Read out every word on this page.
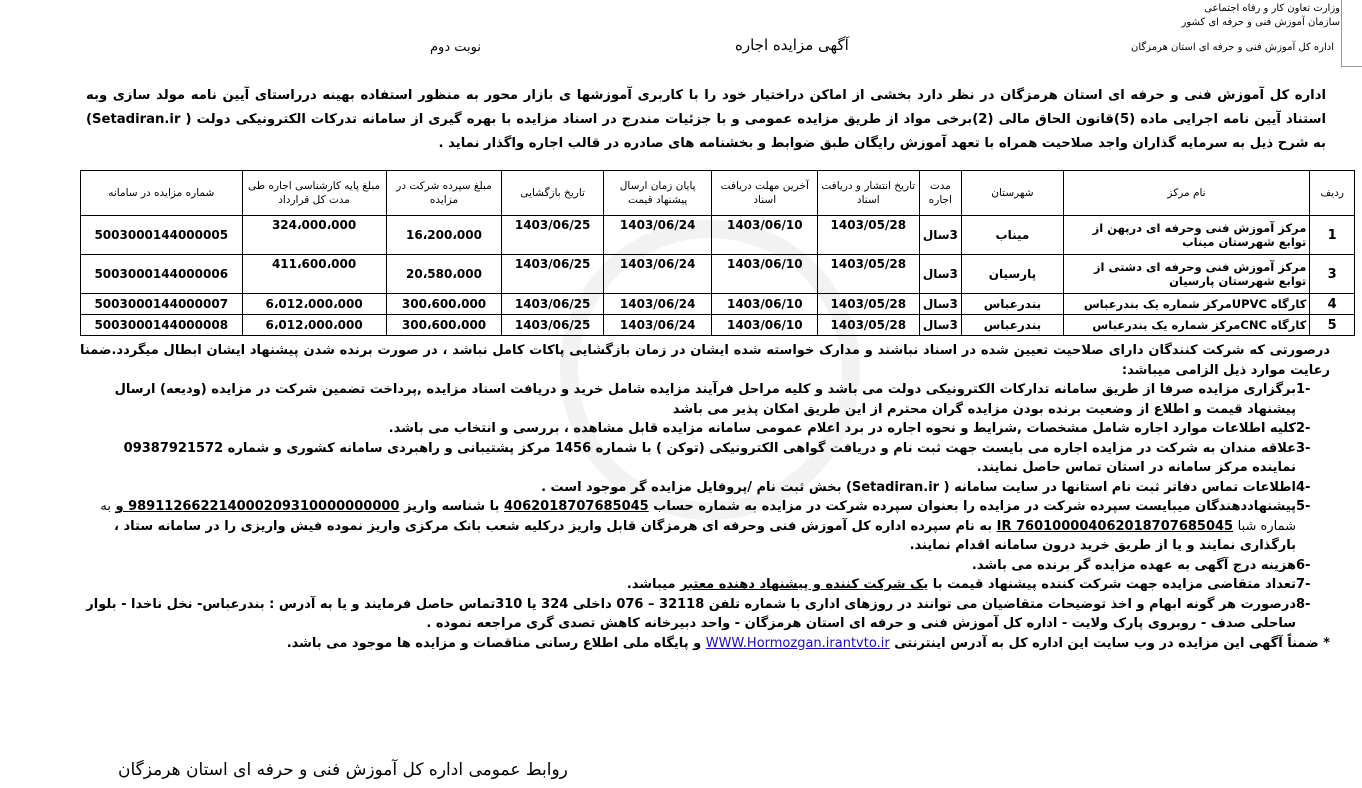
وزارت تعاون کار و رفاه اجتماعی
سازمان آموزش فنی و حرفه ای کشور
اداره کل آموزش فنی و حرفه ای استان هرمزگان
آگهی مزایده اجاره
نوبت دوم
اداره کل آموزش فنی و حرفه ای استان هرمزگان در نظر دارد بخشی از اماکن دراختیار خود را با کاربری آموزشها ی بازار محور به منظور استفاده بهینه درراستای آیین نامه مولد سازی وبه استناد آیین نامه اجرایی ماده (5)قانون الحاق مالی (2)برخی مواد از طریق مزایده عمومی و با جزئیات مندرج در اسناد مزایده با بهره گیری از سامانه تدرکات الکترونیکی دولت ( Setadiran.ir) به شرح ذیل به سرمایه گذاران واجد صلاحیت همراه با تعهد آموزش رایگان طبق ضوابط و بخشنامه های صادره در قالب اجاره واگذار نماید .
ردیف	نام مرکز	شهرستان	مدت اجاره	تاریخ انتشار و دریافت اسناد	آخرین مهلت دریافت اسناد	پایان زمان ارسال پیشنهاد قیمت	تاریخ بازگشایی	مبلغ سپرده شرکت در مزایده	مبلغ پایه کارشناسی اجاره طی مدت کل قرارداد	شماره مزایده در سامانه
1	مرکز آموزش فنی وحرفه ای درپهن از توابع شهرستان میناب	میناب	3سال	1403/05/28	1403/06/10	1403/06/24	1403/06/25	16،200،000	324،000،000	5003000144000005
3	مرکز آموزش فنی وحرفه ای دشتی از توابع شهرستان پارسیان	پارسیان	3سال	1403/05/28	1403/06/10	1403/06/24	1403/06/25	20،580،000	411،600،000	5003000144000006
4	کارگاه UPVCمرکز شماره یک بندرعباس	بندرعباس	3سال	1403/05/28	1403/06/10	1403/06/24	1403/06/25	300،600،000	6،012،000،000	5003000144000007
5	کارگاه CNCمرکز شماره یک بندرعباس	بندرعباس	3سال	1403/05/28	1403/06/10	1403/06/24	1403/06/25	300،600،000	6،012،000،000	5003000144000008

درصورتی که شرکت کنندگان دارای صلاحیت تعیین شده در اسناد نباشند و مدارک خواسته شده ایشان در زمان بازگشایی پاکات کامل نباشد ، در صورت برنده شدن پیشنهاد ایشان ابطال میگردد.ضمنا رعایت موارد ذیل الزامی میباشد:

-1
برگزاری مزایده صرفا از طریق سامانه تدارکات الکترونیکی دولت می باشد و کلیه مراحل فرآیند مزایده شامل خرید و دریافت اسناد مزایده ,پرداخت تضمین شرکت در مزایده (ودیعه) ارسال پیشنهاد قیمت و اطلاع از وضعیت برنده بودن مزایده گران محترم از این طریق امکان پذیر می باشد
-2
کلیه اطلاعات موارد اجاره شامل مشخصات ,شرایط و نحوه اجاره در برد اعلام عمومی سامانه مزایده قابل مشاهده ، بررسی و انتخاب می باشد.
-3
علاقه مندان به شرکت در مزایده اجاره می بایست جهت ثبت نام و دریافت گواهی الکترونیکی (توکن ) با شماره 1456 مرکز پشتیبانی و راهبردی سامانه کشوری و شماره 09387921572 نماینده مرکز سامانه در استان تماس حاصل نمایند.
-4
اطلاعات تماس دفاتر ثبت نام استانها در سایت سامانه ( Setadiran.ir) بخش ثبت نام /پروفایل مزایده گر موجود است .
-5
پیشنهاددهندگان میبایست سپرده شرکت در مزایده را بعنوان سپرده شرکت در مزایده به شماره حساب 4062018707685045 با شناسه واریز 989112662214000209310000000000 و به شماره شبا IR 760100004062018707685045 به نام سپرده اداره کل آموزش فنی وحرفه ای هرمزگان قابل واریز درکلیه شعب بانک مرکزی واریز نموده فیش واریزی را در سامانه ستاد ، بارگذاری نمایند و یا از طریق خرید درون سامانه اقدام نمایند.
-6
هزینه درج آگهی به عهده مزایده گر برنده می باشد.
-7
تعداد متقاضی مزایده جهت شرکت کننده پیشنهاد قیمت با یک شرکت کننده و پیشنهاد دهنده معتبر میباشد.
-8
درصورت هر گونه ابهام و اخذ توضیحات متقاضیان می توانند در روزهای اداری با شماره تلفن 32118 – 076 داخلی 324 یا 310تماس حاصل فرمایند و یا به آدرس : بندرعباس- نخل ناخدا - بلوار ساحلی صدف - روبروی پارک ولایت - اداره کل آموزش فنی و حرفه ای استان هرمزگان - واحد دبیرخانه کاهش تصدی گری مراجعه نموده .

* ضمناً آگهی این مزایده در وب سایت این اداره کل به آدرس اینترنتی WWW.Hormozgan.irantvto.ir و پایگاه ملی اطلاع رسانی مناقصات و مزایده ها موجود می باشد.

روابط عمومی اداره کل آموزش فنی و حرفه ای استان هرمزگان
